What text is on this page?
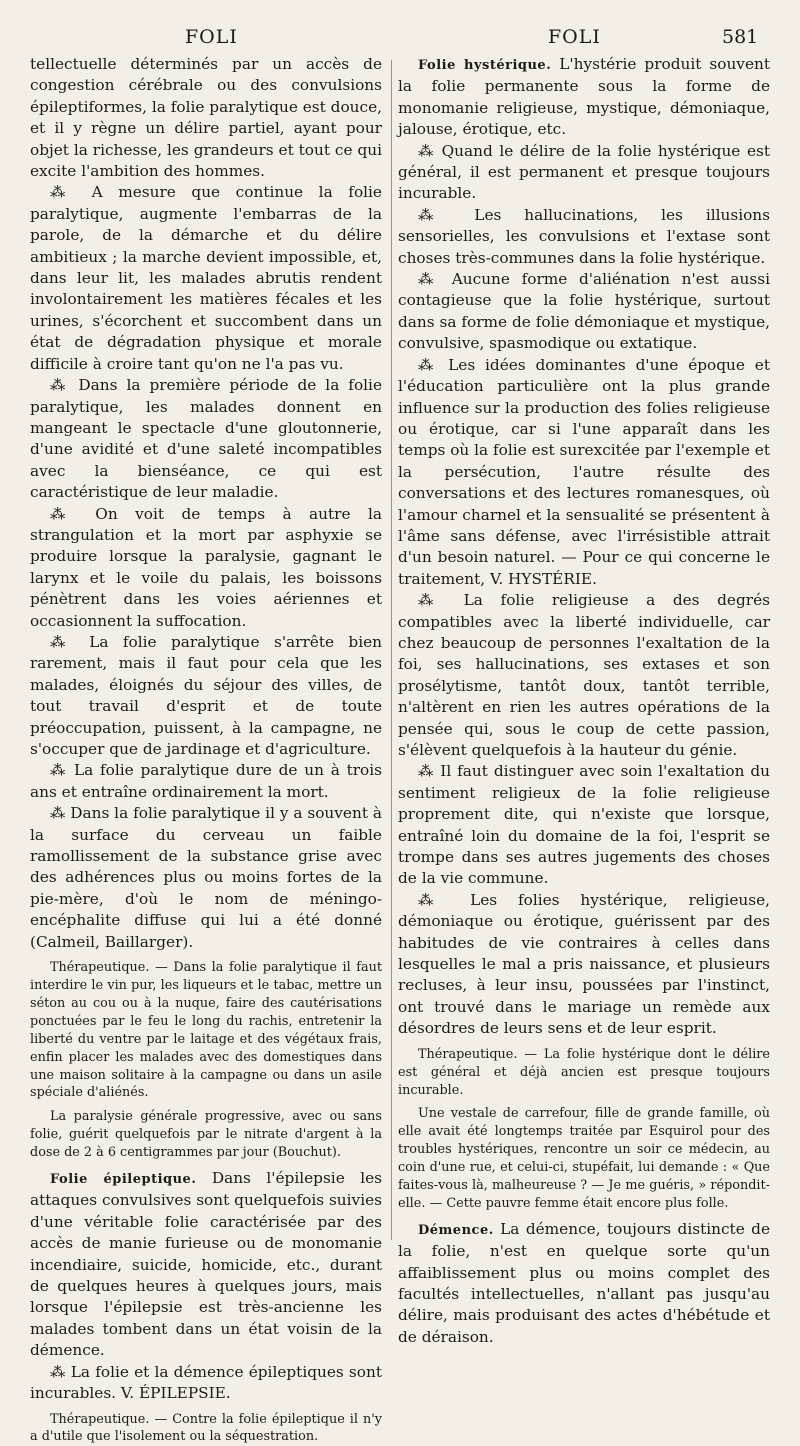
FOLI	FOLI	581

tellectuelle déterminés par un accès de congestion cérébrale ou des convulsions épileptiformes, la folie paralytique est douce, et il y règne un délire partiel, ayant pour objet la richesse, les grandeurs et tout ce qui excite l'ambition des hommes.

⁂ A mesure que continue la folie paralytique, augmente l'embarras de la parole, de la démarche et du délire ambitieux ; la marche devient impossible, et, dans leur lit, les malades abrutis rendent involontairement les matières fécales et les urines, s'écorchent et succombent dans un état de dégradation physique et morale difficile à croire tant qu'on ne l'a pas vu.

⁂ Dans la première période de la folie paralytique, les malades donnent en mangeant le spectacle d'une gloutonnerie, d'une avidité et d'une saleté incompatibles avec la bienséance, ce qui est caractéristique de leur maladie.

⁂ On voit de temps à autre la strangulation et la mort par asphyxie se produire lorsque la paralysie, gagnant le larynx et le voile du palais, les boissons pénètrent dans les voies aériennes et occasionnent la suffocation.

⁂ La folie paralytique s'arrête bien rarement, mais il faut pour cela que les malades, éloignés du séjour des villes, de tout travail d'esprit et de toute préoccupation, puissent, à la campagne, ne s'occuper que de jardinage et d'agriculture.

⁂ La folie paralytique dure de un à trois ans et entraîne ordinairement la mort.

⁂ Dans la folie paralytique il y a souvent à la surface du cerveau un faible ramollissement de la substance grise avec des adhérences plus ou moins fortes de la pie-mère, d'où le nom de méningo-encéphalite diffuse qui lui a été donné (Calmeil, Baillarger).

Thérapeutique. — Dans la folie paralytique il faut interdire le vin pur, les liqueurs et le tabac, mettre un séton au cou ou à la nuque, faire des cautérisations ponctuées par le feu le long du rachis, entretenir la liberté du ventre par le laitage et des végétaux frais, enfin placer les malades avec des domestiques dans une maison solitaire à la campagne ou dans un asile spéciale d'aliénés.

La paralysie générale progressive, avec ou sans folie, guérit quelquefois par le nitrate d'argent à la dose de 2 à 6 centigrammes par jour (Bouchut).

Folie épileptique. Dans l'épilepsie les attaques convulsives sont quelquefois suivies d'une véritable folie caractérisée par des accès de manie furieuse ou de monomanie incendiaire, suicide, homicide, etc., durant de quelques heures à quelques jours, mais lorsque l'épilepsie est très-ancienne les malades tombent dans un état voisin de la démence.

⁂ La folie et la démence épileptiques sont incurables. V. ÉPILEPSIE.

Thérapeutique. — Contre la folie épileptique il n'y a d'utile que l'isolement ou la séquestration.

Folie hystérique. L'hystérie produit souvent la folie permanente sous la forme de monomanie religieuse, mystique, démoniaque, jalouse, érotique, etc.

⁂ Quand le délire de la folie hystérique est général, il est permanent et presque toujours incurable.

⁂ Les hallucinations, les illusions sensorielles, les convulsions et l'extase sont choses très-communes dans la folie hystérique.

⁂ Aucune forme d'aliénation n'est aussi contagieuse que la folie hystérique, surtout dans sa forme de folie démoniaque et mystique, convulsive, spasmodique ou extatique.

⁂ Les idées dominantes d'une époque et l'éducation particulière ont la plus grande influence sur la production des folies religieuse ou érotique, car si l'une apparaît dans les temps où la folie est surexcitée par l'exemple et la persécution, l'autre résulte des conversations et des lectures romanesques, où l'amour charnel et la sensualité se présentent à l'âme sans défense, avec l'irrésistible attrait d'un besoin naturel. — Pour ce qui concerne le traitement, V. HYSTÉRIE.

⁂ La folie religieuse a des degrés compatibles avec la liberté individuelle, car chez beaucoup de personnes l'exaltation de la foi, ses hallucinations, ses extases et son prosélytisme, tantôt doux, tantôt terrible, n'altèrent en rien les autres opérations de la pensée qui, sous le coup de cette passion, s'élèvent quelquefois à la hauteur du génie.

⁂ Il faut distinguer avec soin l'exaltation du sentiment religieux de la folie religieuse proprement dite, qui n'existe que lorsque, entraîné loin du domaine de la foi, l'esprit se trompe dans ses autres jugements des choses de la vie commune.

⁂ Les folies hystérique, religieuse, démoniaque ou érotique, guérissent par des habitudes de vie contraires à celles dans lesquelles le mal a pris naissance, et plusieurs recluses, à leur insu, poussées par l'instinct, ont trouvé dans le mariage un remède aux désordres de leurs sens et de leur esprit.

Thérapeutique. — La folie hystérique dont le délire est général et déjà ancien est presque toujours incurable.

Une vestale de carrefour, fille de grande famille, où elle avait été longtemps traitée par Esquirol pour des troubles hystériques, rencontre un soir ce médecin, au coin d'une rue, et celui-ci, stupéfait, lui demande : « Que faites-vous là, malheureuse ? — Je me guéris, » répondit-elle. — Cette pauvre femme était encore plus folle.

Démence. La démence, toujours distincte de la folie, n'est en quelque sorte qu'un affaiblissement plus ou moins complet des facultés intellectuelles, n'allant pas jusqu'au délire, mais produisant des actes d'hébétude et de déraison.
